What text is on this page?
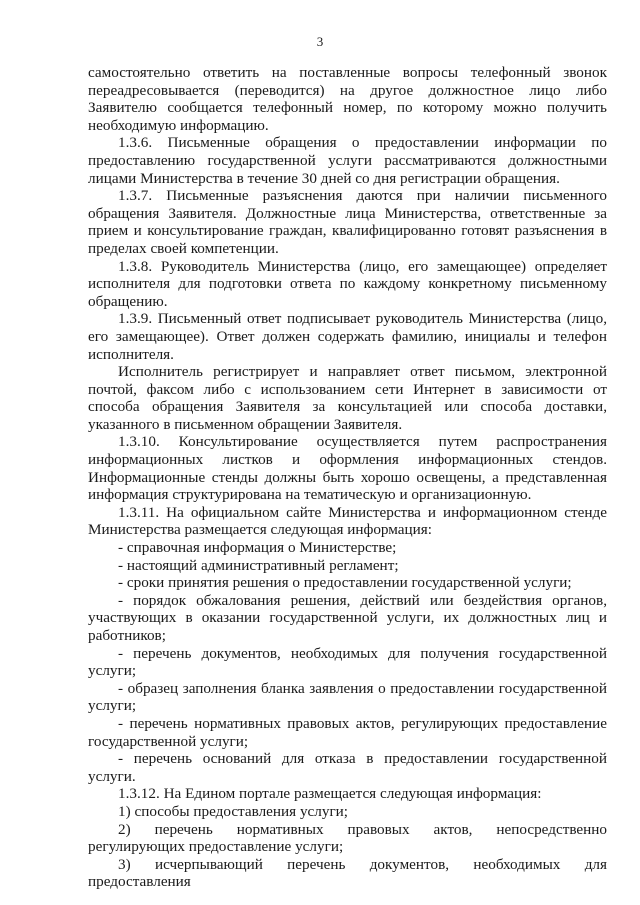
3

самостоятельно ответить на поставленные вопросы телефонный звонок переадресовывается (переводится) на другое должностное лицо либо Заявителю сообщается телефонный номер, по которому можно получить необходимую информацию.

1.3.6. Письменные обращения о предоставлении информации по предоставлению государственной услуги рассматриваются должностными лицами Министерства в течение 30 дней со дня регистрации обращения.

1.3.7. Письменные разъяснения даются при наличии письменного обращения Заявителя. Должностные лица Министерства, ответственные за прием и консультирование граждан, квалифицированно готовят разъяснения в пределах своей компетенции.

1.3.8. Руководитель Министерства (лицо, его замещающее) определяет исполнителя для подготовки ответа по каждому конкретному письменному обращению.

1.3.9. Письменный ответ подписывает руководитель Министерства (лицо, его замещающее). Ответ должен содержать фамилию, инициалы и телефон исполнителя.

Исполнитель регистрирует и направляет ответ письмом, электронной почтой, факсом либо с использованием сети Интернет в зависимости от способа обращения Заявителя за консультацией или способа доставки, указанного в письменном обращении Заявителя.

1.3.10. Консультирование осуществляется путем распространения информационных листков и оформления информационных стендов. Информационные стенды должны быть хорошо освещены, а представленная информация структурирована на тематическую и организационную.

1.3.11. На официальном сайте Министерства и информационном стенде Министерства размещается следующая информация:

- справочная информация о Министерстве;

- настоящий административный регламент;

- сроки принятия решения о предоставлении государственной услуги;

- порядок обжалования решения, действий или бездействия органов, участвующих в оказании государственной услуги, их должностных лиц и работников;

- перечень документов, необходимых для получения государственной услуги;

- образец заполнения бланка заявления о предоставлении государственной услуги;

- перечень нормативных правовых актов, регулирующих предоставление государственной услуги;

- перечень оснований для отказа в предоставлении государственной услуги.

1.3.12. На Едином портале размещается следующая информация:

1) способы предоставления услуги;

2) перечень нормативных правовых актов, непосредственно регулирующих предоставление услуги;

3) исчерпывающий перечень документов, необходимых для предоставления
